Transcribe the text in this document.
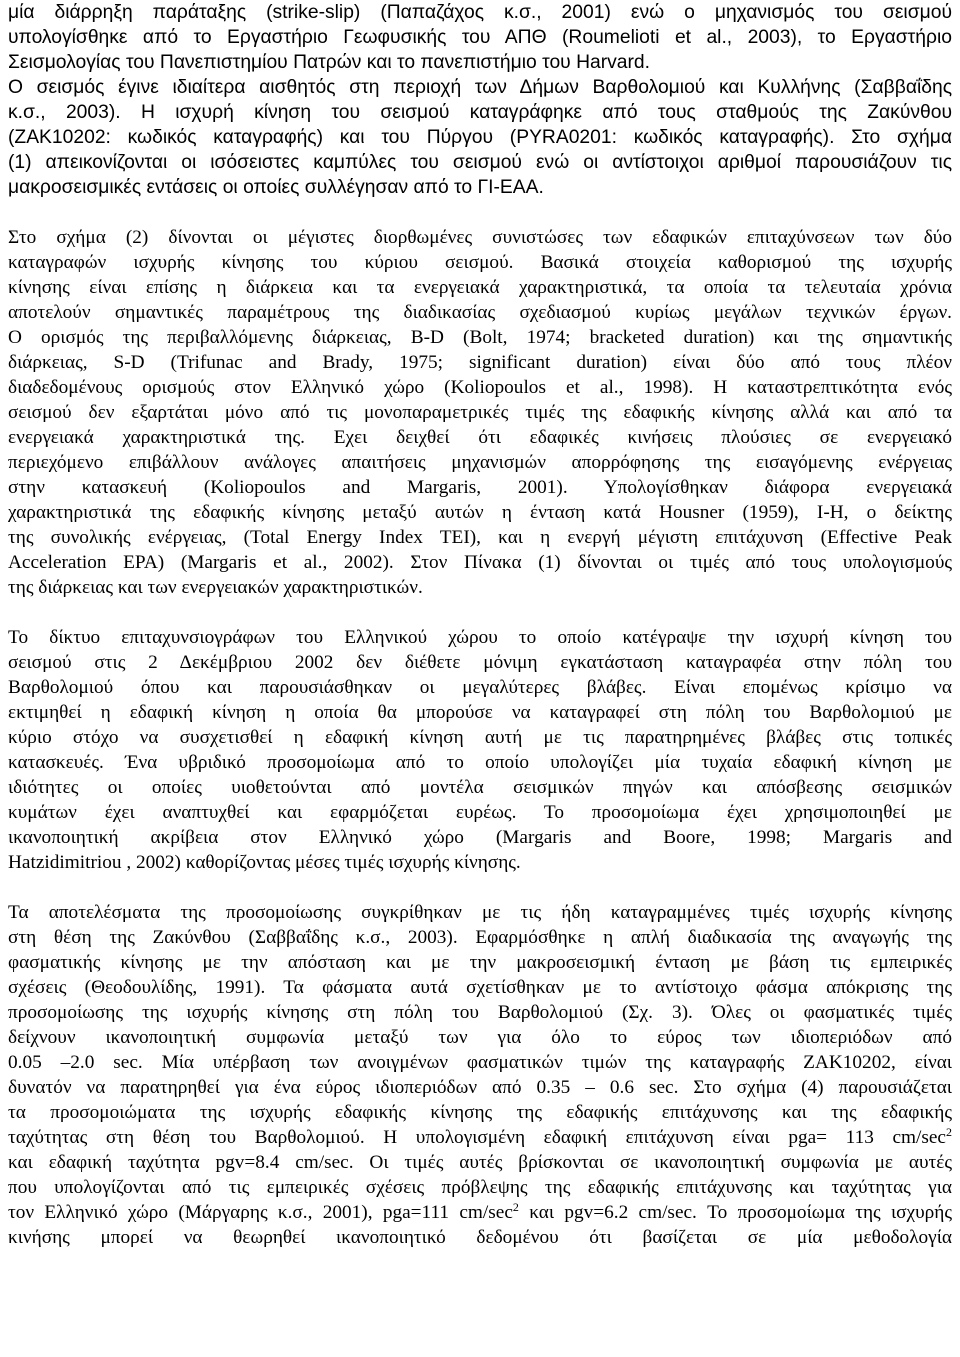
μία διάρρηξη παράταξης (strike-slip) (Παπαζάχος κ.σ., 2001) ενώ ο μηχανισμός του σεισμού
υπολογίσθηκε από το Εργαστήριο Γεωφυσικής του ΑΠΘ (Roumelioti et al., 2003), το Εργαστήριο
Σεισμολογίας του Πανεπιστημίου Πατρών και το πανεπιστήμιο του Harvard.
Ο σεισμός έγινε ιδιαίτερα αισθητός στη περιοχή των Δήμων Βαρθολομιού και Κυλλήνης (Σαββαΐδης
κ.σ., 2003). Η ισχυρή κίνηση του σεισμού καταγράφηκε από τους σταθμούς της Ζακύνθου
(ZAK10202: κωδικός καταγραφής) και του Πύργου (PYRA0201: κωδικός καταγραφής). Στο σχήμα
(1) απεικονίζονται οι ισόσειστες καμπύλες του σεισμού ενώ οι αντίστοιχοι αριθμοί παρουσιάζουν τις
μακροσεισμικές εντάσεις οι οποίες συλλέγησαν από το ΓΙ-ΕΑΑ.

Στο σχήμα (2) δίνονται οι μέγιστες διορθωμένες συνιστώσες των εδαφικών επιταχύνσεων των δύο
καταγραφών ισχυρής κίνησης του κύριου σεισμού. Βασικά στοιχεία καθορισμού της ισχυρής
κίνησης είναι επίσης η διάρκεια και τα ενεργειακά χαρακτηριστικά, τα οποία τα τελευταία χρόνια
αποτελούν σημαντικές παραμέτρους της διαδικασίας σχεδιασμού κυρίως μεγάλων τεχνικών έργων.
Ο ορισμός της περιβαλλόμενης διάρκειας, B-D (Bolt, 1974; bracketed duration) και της σημαντικής
διάρκειας, S-D (Trifunac and Brady, 1975; significant duration) είναι δύο από τους πλέον
διαδεδομένους ορισμούς στον Ελληνικό χώρο (Koliopoulos et al., 1998). Η καταστρεπτικότητα ενός
σεισμού δεν εξαρτάται μόνο από τις μονοπαραμετρικές τιμές της εδαφικής κίνησης αλλά και από τα
ενεργειακά χαρακτηριστικά της. Εχει δειχθεί ότι εδαφικές κινήσεις πλούσιες σε ενεργειακό
περιεχόμενο επιβάλλουν ανάλογες απαιτήσεις μηχανισμών απορρόφησης της εισαγόμενης ενέργειας
στην κατασκευή (Koliopoulos and Margaris, 2001). Υπολογίσθηκαν διάφορα ενεργειακά
χαρακτηριστικά της εδαφικής κίνησης μεταξύ αυτών η ένταση κατά Housner (1959), I-H, ο δείκτης
της συνολικής ενέργειας, (Total Energy Index TEI), και η ενεργή μέγιστη επιτάχυνση (Effective Peak
Acceleration EPA) (Margaris et al., 2002). Στον Πίνακα (1) δίνονται οι τιμές από τους υπολογισμούς
της διάρκειας και των ενεργειακών χαρακτηριστικών.

Το δίκτυο επιταχυνσιογράφων του Ελληνικού χώρου το οποίο κατέγραψε την ισχυρή κίνηση του
σεισμού στις 2 Δεκέμβριου 2002 δεν διέθετε μόνιμη εγκατάσταση καταγραφέα στην πόλη του
Βαρθολομιού όπου και παρουσιάσθηκαν οι μεγαλύτερες βλάβες. Είναι επομένως κρίσιμο να
εκτιμηθεί η εδαφική κίνηση η οποία θα μπορούσε να καταγραφεί στη πόλη του Βαρθολομιού με
κύριο στόχο να συσχετισθεί η εδαφική κίνηση αυτή με τις παρατηρημένες βλάβες στις τοπικές
κατασκευές. Ένα υβριδικό προσομοίωμα από το οποίο υπολογίζει μία τυχαία εδαφική κίνηση με
ιδιότητες οι οποίες υιοθετούνται από μοντέλα σεισμικών πηγών και απόσβεσης σεισμικών
κυμάτων έχει αναπτυχθεί και εφαρμόζεται ευρέως. Το προσομοίωμα έχει χρησιμοποιηθεί με
ικανοποιητική ακρίβεια στον Ελληνικό χώρο (Margaris and Boore, 1998; Margaris and
Hatzidimitriou , 2002) καθορίζοντας μέσες τιμές ισχυρής κίνησης.

Τα αποτελέσματα της προσομοίωσης συγκρίθηκαν με τις ήδη καταγραμμένες τιμές ισχυρής κίνησης
στη θέση της Ζακύνθου (Σαββαΐδης κ.σ., 2003). Εφαρμόσθηκε η απλή διαδικασία της αναγωγής της
φασματικής κίνησης με την απόσταση και με την μακροσεισμική ένταση με βάση τις εμπειρικές
σχέσεις (Θεοδουλίδης, 1991). Τα φάσματα αυτά σχετίσθηκαν με το αντίστοιχο φάσμα απόκρισης της
προσομοίωσης της ισχυρής κίνησης στη πόλη του Βαρθολομιού (Σχ. 3). Όλες οι φασματικές τιμές
δείχνουν ικανοποιητική συμφωνία μεταξύ των για όλο το εύρος των ιδιοπεριόδων από
0.05 –2.0 sec. Μία υπέρβαση των ανοιγμένων φασματικών τιμών της καταγραφής ZAK10202, είναι
δυνατόν να παρατηρηθεί για ένα εύρος ιδιοπεριόδων από 0.35 – 0.6 sec. Στο σχήμα (4) παρουσιάζεται
τα προσομοιώματα της ισχυρής εδαφικής κίνησης της εδαφικής επιτάχυνσης και της εδαφικής
ταχύτητας στη θέση του Βαρθολομιού. Η υπολογισμένη εδαφική επιτάχυνση είναι pga= 113 $cm/\sec^2$
και εδαφική ταχύτητα pgv=8.4 cm/sec. Οι τιμές αυτές βρίσκονται σε ικανοποιητική συμφωνία με αυτές
που υπολογίζονται από τις εμπειρικές σχέσεις πρόβλεψης της εδαφικής επιτάχυνσης και ταχύτητας για
τον Ελληνικό χώρο (Μάργαρης κ.σ., 2001), pga=111 $cm/\sec^2$ και pgv=6.2 cm/sec. Το προσομοίωμα της ισχυρής
κινήσης μπορεί να θεωρηθεί ικανοποιητικό δεδομένου ότι βασίζεται σε μία μεθοδολογία
